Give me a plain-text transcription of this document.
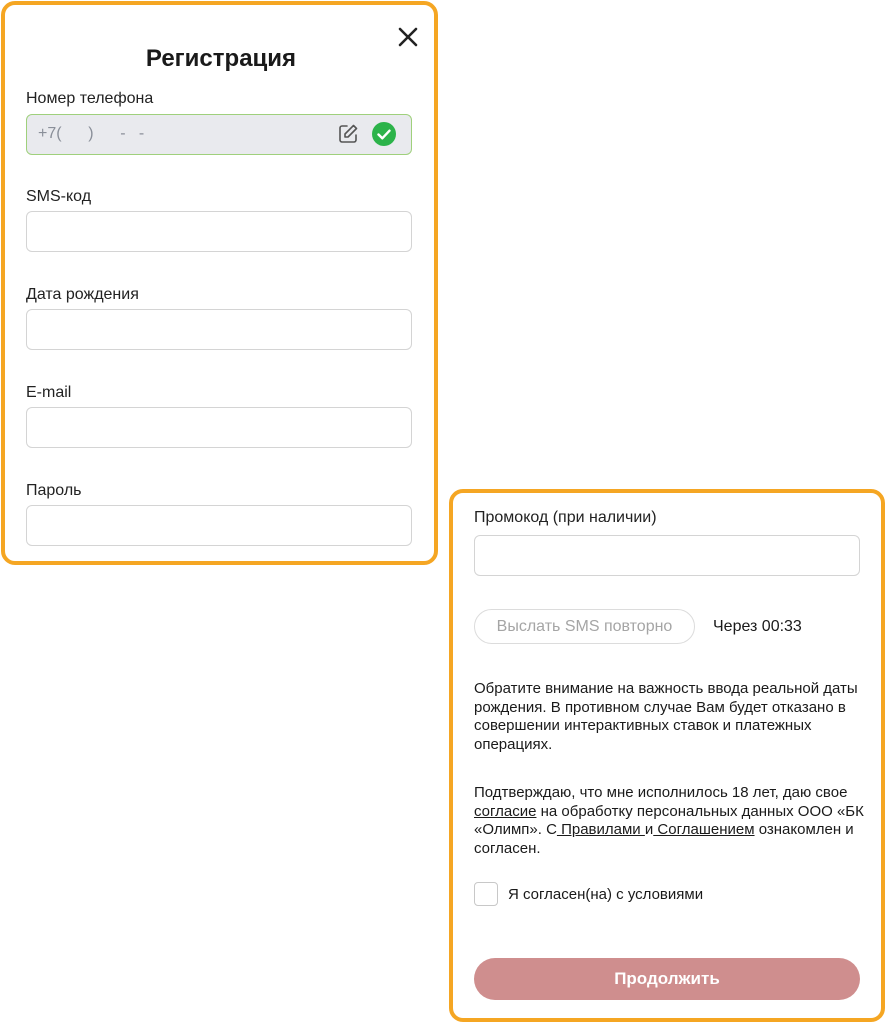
Регистрация
Номер телефона
+7(      )      -   -
SMS-код
Дата рождения
E-mail
Пароль
Промокод (при наличии)
Выслать SMS повторно	Через 00:33
Обратите внимание на важность ввода реальной даты рождения. В противном случае Вам будет отказано в совершении интерактивных ставок и платежных операциях.
Подтверждаю, что мне исполнилось 18 лет, даю свое согласие на обработку персональных данных ООО «БК «Олимп». С Правилами и Соглашением ознакомлен и согласен.
Я согласен(на) с условиями
Продолжить
